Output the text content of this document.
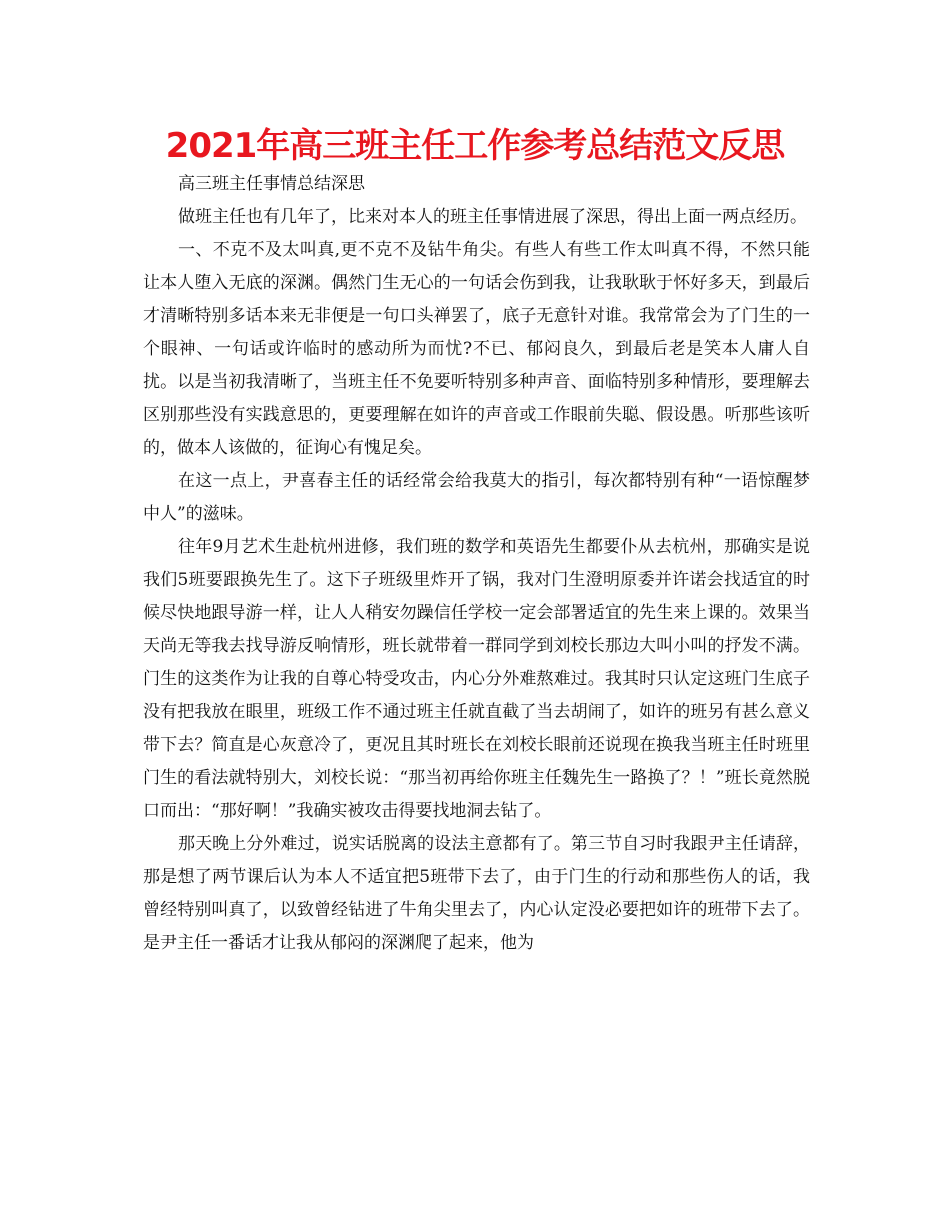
2021年高三班主任工作参考总结范文反思

高三班主任事情总结深思

做班主任也有几年了，比来对本人的班主任事情进展了深思，得出上面一两点经历。

一、不克不及太叫真,更不克不及钻牛角尖。有些人有些工作太叫真不得，不然只能让本人堕入无底的深渊。偶然门生无心的一句话会伤到我，让我耿耿于怀好多天，到最后才清晰特别多话本来无非便是一句口头禅罢了，底子无意针对谁。我常常会为了门生的一个眼神、一句话或许临时的感动所为而忧?不已、郁闷良久，到最后老是笑本人庸人自扰。以是当初我清晰了，当班主任不免要听特别多种声音、面临特别多种情形，要理解去区别那些没有实践意思的，更要理解在如许的声音或工作眼前失聪、假设愚。听那些该听的，做本人该做的，征询心有愧足矣。

在这一点上，尹喜春主任的话经常会给我莫大的指引，每次都特别有种“一语惊醒梦中人”的滋味。

往年9月艺术生赴杭州进修，我们班的数学和英语先生都要仆从去杭州，那确实是说我们5班要跟换先生了。这下子班级里炸开了锅，我对门生澄明原委并许诺会找适宜的时候尽快地跟导游一样，让人人稍安勿躁信任学校一定会部署适宜的先生来上课的。效果当天尚无等我去找导游反响情形，班长就带着一群同学到刘校长那边大叫小叫的抒发不满。门生的这类作为让我的自尊心特受攻击，内心分外难熬难过。我其时只认定这班门生底子没有把我放在眼里，班级工作不通过班主任就直截了当去胡闹了，如许的班另有甚么意义带下去？简直是心灰意冷了，更况且其时班长在刘校长眼前还说现在换我当班主任时班里门生的看法就特别大，刘校长说：“那当初再给你班主任魏先生一路换了？！”班长竟然脱口而出：“那好啊！”我确实被攻击得要找地洞去钻了。

那天晚上分外难过，说实话脱离的设法主意都有了。第三节自习时我跟尹主任请辞，那是想了两节课后认为本人不适宜把5班带下去了，由于门生的行动和那些伤人的话，我曾经特别叫真了，以致曾经钻进了牛角尖里去了，内心认定没必要把如许的班带下去了。是尹主任一番话才让我从郁闷的深渊爬了起来，他为
